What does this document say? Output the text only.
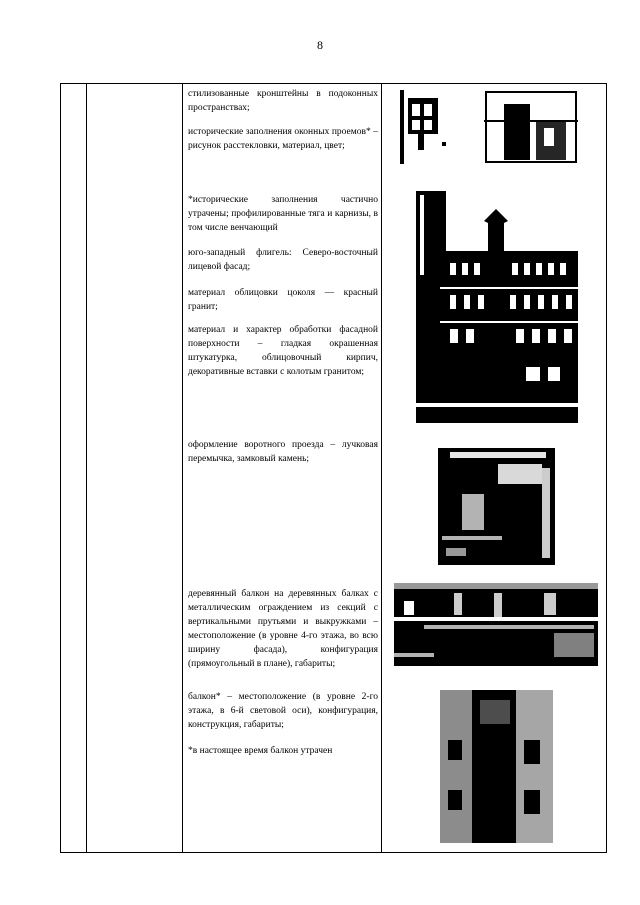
8
стилизованные кронштейны в подоконных пространствах;
исторические заполнения оконных проемов* – рисунок расстекловки, материал, цвет;
*исторические заполнения частично утрачены; профилированные тяга и карнизы, в том числе венчающий
юго-западный флигель: Северо-восточный лицевой фасад;
материал облицовки цоколя — красный гранит;
материал и характер обработки фасадной поверхности – гладкая окрашенная штукатурка, облицовочный кирпич, декоративные вставки с колотым гранитом;
оформление воротного проезда – лучковая перемычка, замковый камень;
деревянный балкон на деревянных балках с металлическим ограждением из секций с вертикальными прутьями и выкружками – местоположение (в уровне 4-го этажа, во всю ширину фасада), конфигурация (прямоугольный в плане), габариты;
балкон* – местоположение (в уровне 2-го этажа, в 6-й световой оси), конфигурация, конструкция, габариты;
*в настоящее время балкон утрачен
